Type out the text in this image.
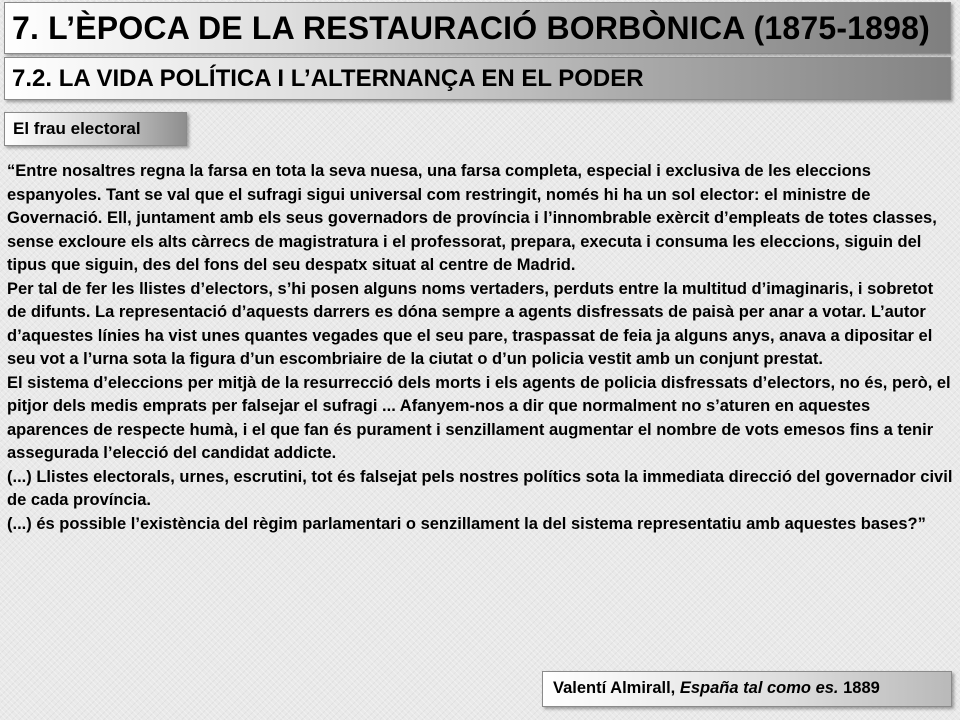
7. L’ÈPOCA DE LA RESTAURACIÓ BORBÒNICA (1875-1898)
7.2. LA VIDA POLÍTICA I L’ALTERNANÇA EN EL PODER
El frau electoral

“Entre nosaltres regna la farsa en tota la seva nuesa, una farsa completa, especial i exclusiva de les eleccions espanyoles. Tant se val que el sufragi sigui universal com restringit, només hi ha un sol elector: el ministre de Governació. Ell, juntament amb els seus governadors de província i l’innombrable exèrcit d’empleats de totes classes, sense excloure els alts càrrecs de magistratura i el professorat, prepara, executa i consuma les eleccions, siguin del tipus que siguin, des del fons del seu despatx situat al centre de Madrid.

Per tal de fer les llistes d’electors, s’hi posen alguns noms vertaders, perduts entre la multitud d’imaginaris, i sobretot de difunts. La representació d’aquests darrers es dóna sempre a agents disfressats de paisà per anar a votar. L’autor d’aquestes línies ha vist unes quantes vegades que el seu pare, traspassat de feia ja alguns anys, anava a dipositar el seu vot a l’urna sota la figura d’un escombriaire de la ciutat o d’un policia vestit amb un conjunt prestat.

El sistema d’eleccions per mitjà de la resurrecció dels morts i els agents de policia disfressats d’electors, no és, però, el pitjor dels medis emprats per falsejar el sufragi ... Afanyem-nos a dir que normalment no s’aturen en aquestes aparences de respecte humà, i el que fan és purament i senzillament augmentar el nombre de vots emesos fins a tenir assegurada l’elecció del candidat addicte.

(...) Llistes electorals, urnes, escrutini, tot és falsejat pels nostres polítics sota la immediata direcció del governador civil de cada província.

(...) és possible l’existència del règim parlamentari o senzillament la del sistema representatiu amb aquestes bases?”

Valentí Almirall, España tal como es. 1889
